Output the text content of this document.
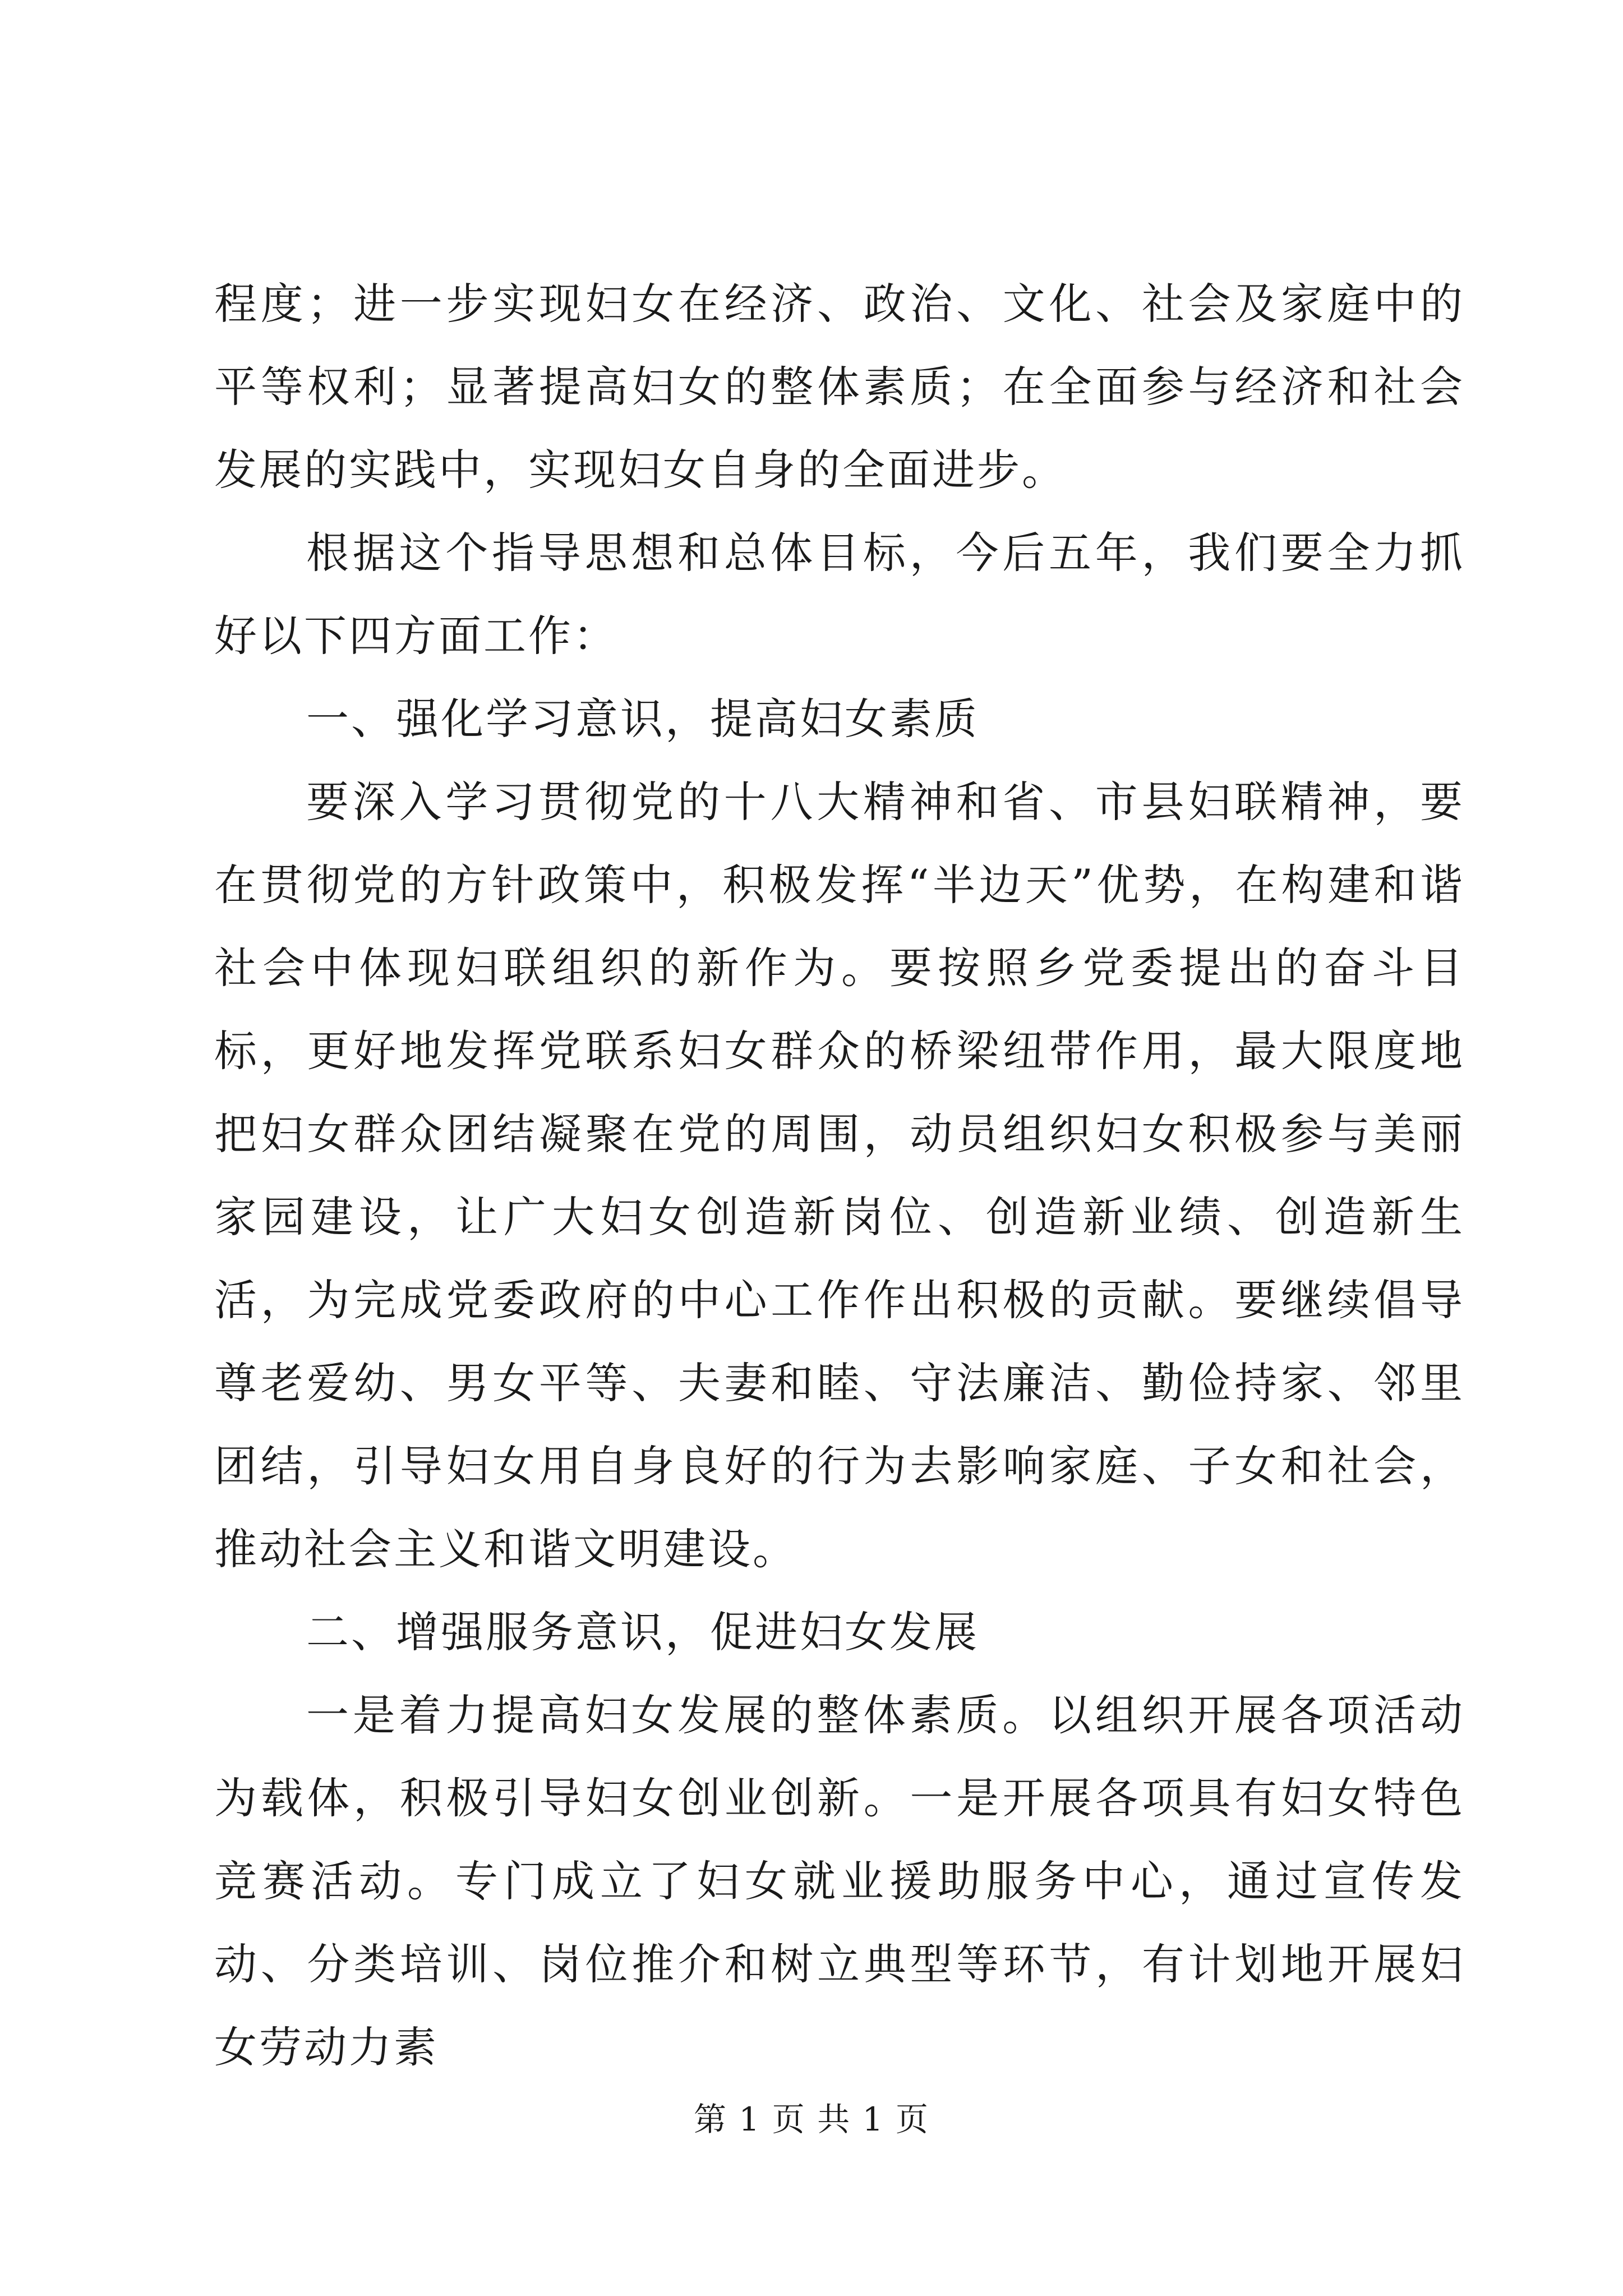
程度；进一步实现妇女在经济、政治、文化、社会及家庭中的平等权利；显著提高妇女的整体素质；在全面参与经济和社会发展的实践中，实现妇女自身的全面进步。

根据这个指导思想和总体目标，今后五年，我们要全力抓好以下四方面工作：

一、强化学习意识，提高妇女素质

要深入学习贯彻党的十八大精神和省、市县妇联精神，要在贯彻党的方针政策中，积极发挥“半边天”优势，在构建和谐社会中体现妇联组织的新作为。要按照乡党委提出的奋斗目标，更好地发挥党联系妇女群众的桥梁纽带作用，最大限度地把妇女群众团结凝聚在党的周围，动员组织妇女积极参与美丽家园建设，让广大妇女创造新岗位、创造新业绩、创造新生活，为完成党委政府的中心工作作出积极的贡献。要继续倡导尊老爱幼、男女平等、夫妻和睦、守法廉洁、勤俭持家、邻里团结，引导妇女用自身良好的行为去影响家庭、子女和社会，推动社会主义和谐文明建设。

二、增强服务意识，促进妇女发展

一是着力提高妇女发展的整体素质。以组织开展各项活动为载体，积极引导妇女创业创新。一是开展各项具有妇女特色竞赛活动。专门成立了妇女就业援助服务中心，通过宣传发动、分类培训、岗位推介和树立典型等环节，有计划地开展妇女劳动力素

第 1 页 共 1 页
